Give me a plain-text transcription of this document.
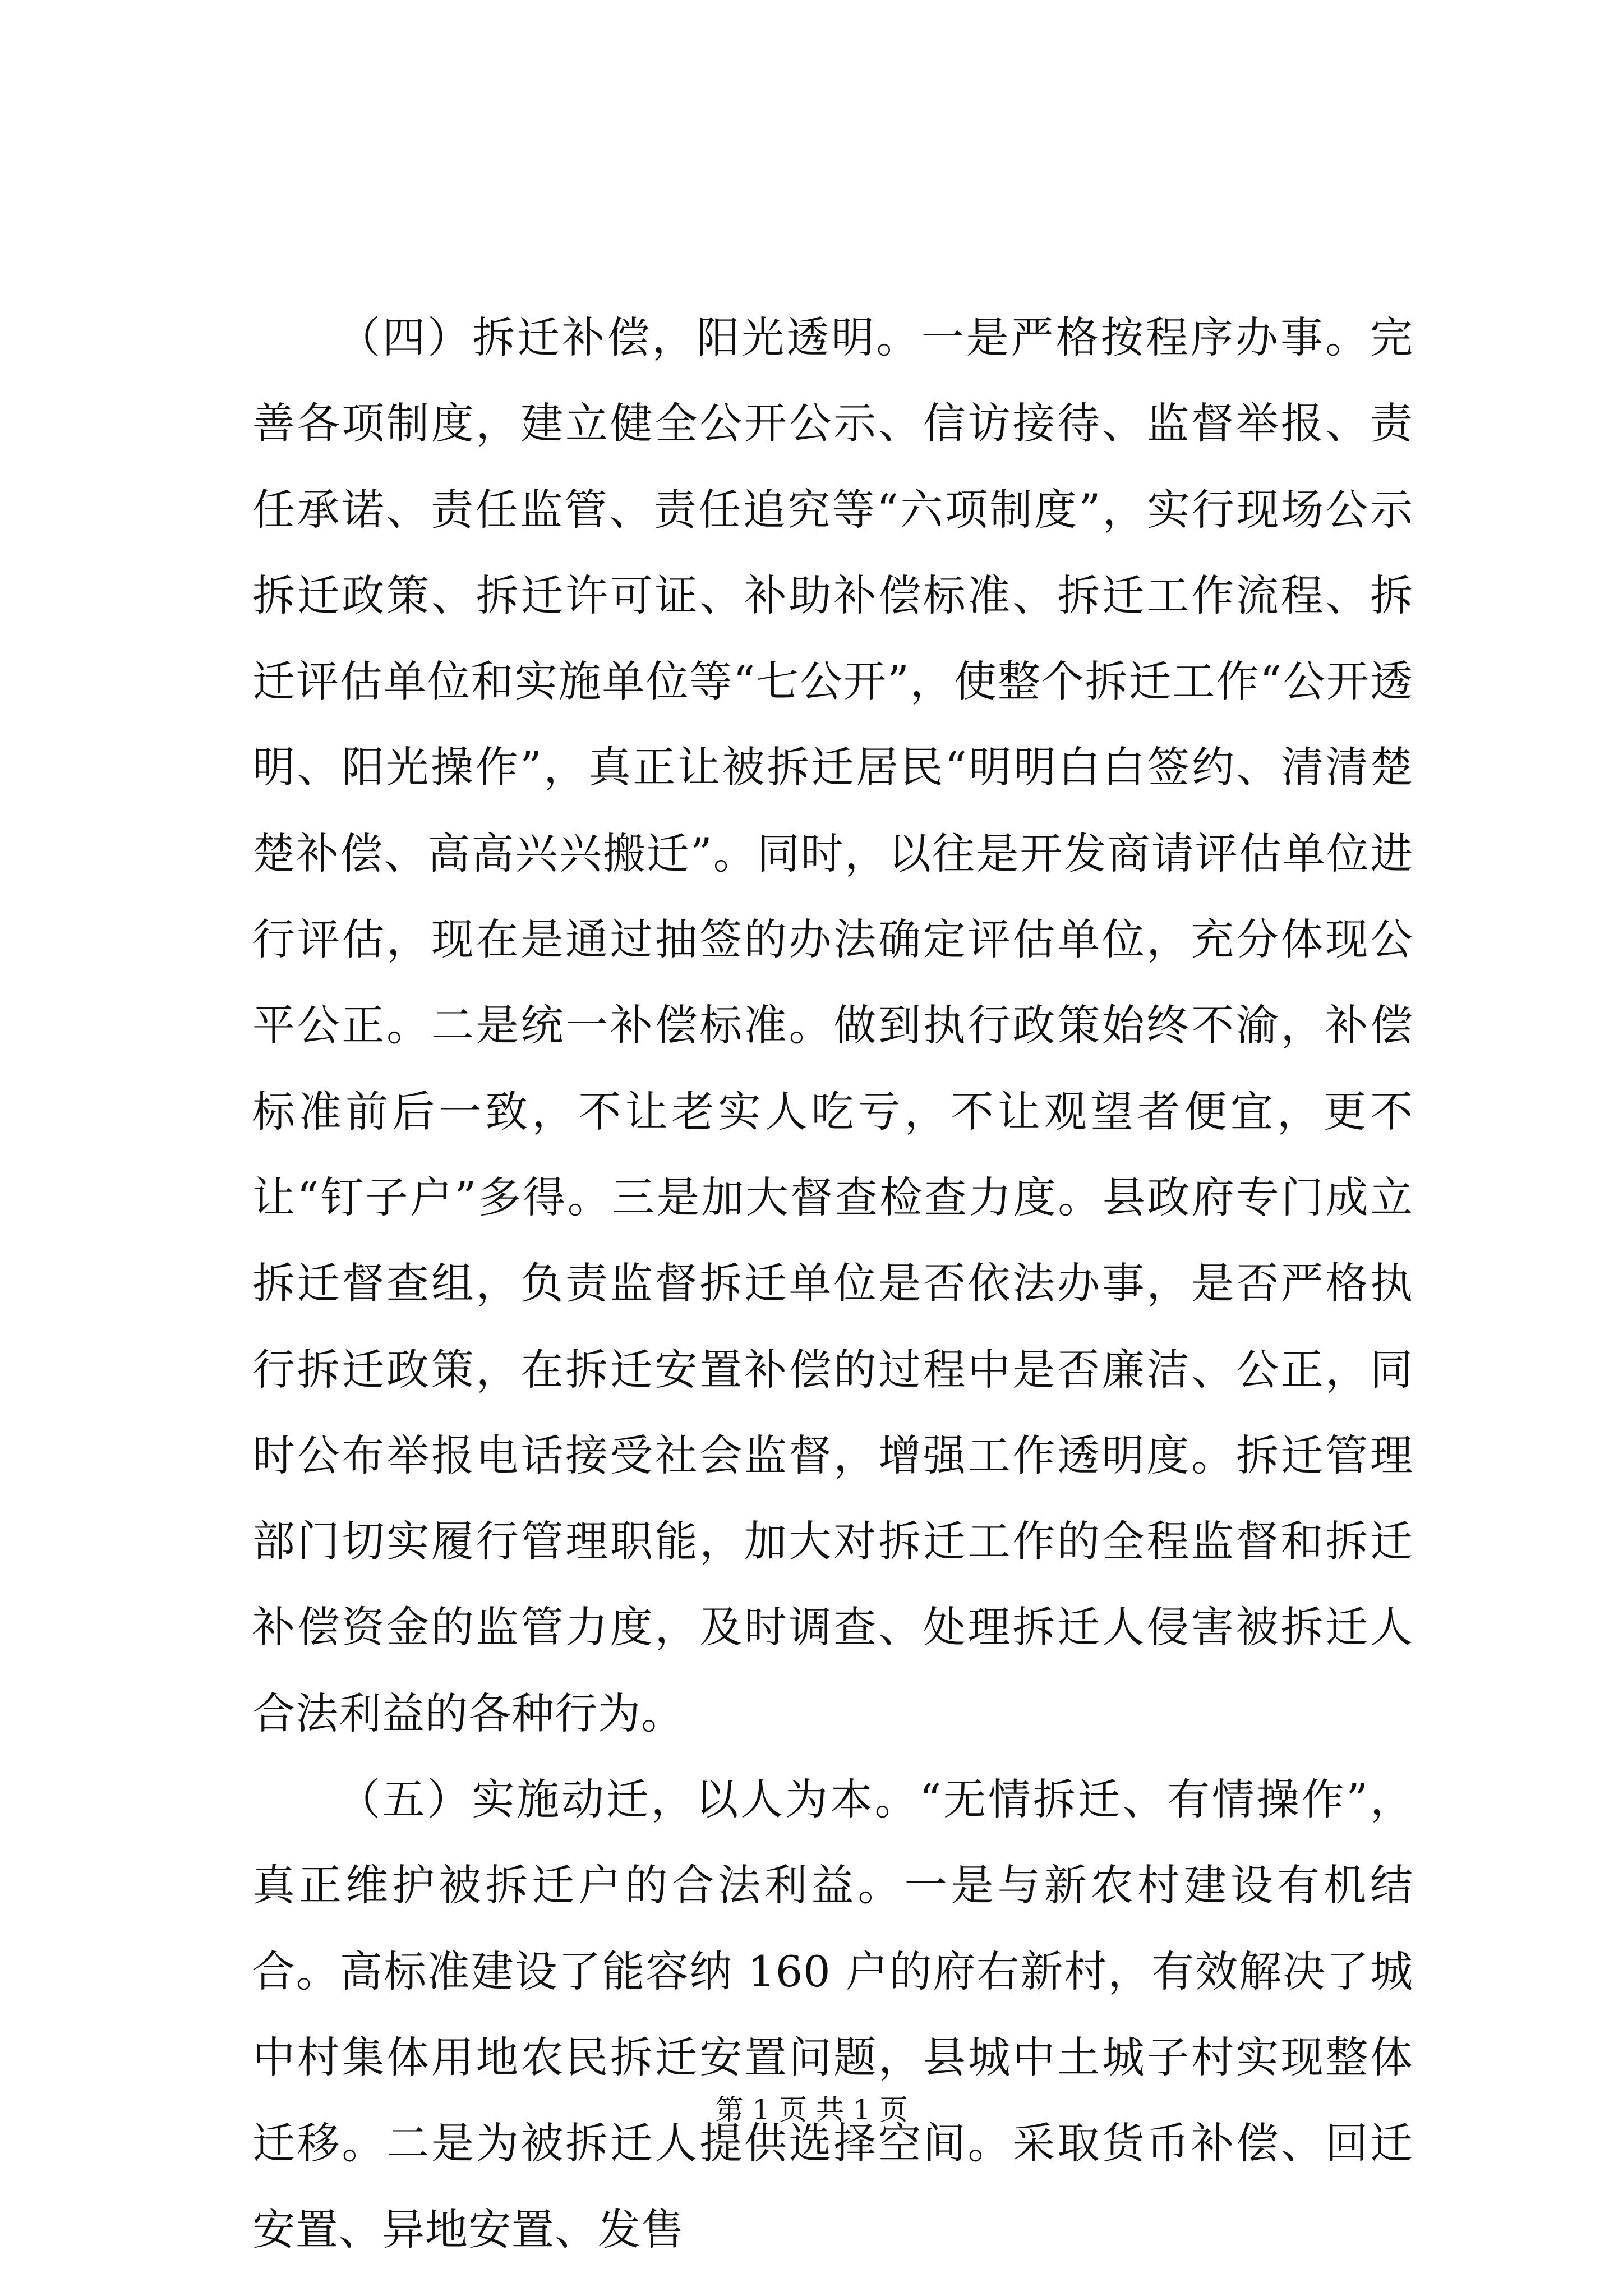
（四）拆迁补偿，阳光透明。一是严格按程序办事。完善各项制度，建立健全公开公示、信访接待、监督举报、责任承诺、责任监管、责任追究等“六项制度”，实行现场公示拆迁政策、拆迁许可证、补助补偿标准、拆迁工作流程、拆迁评估单位和实施单位等“七公开”，使整个拆迁工作“公开透明、阳光操作”，真正让被拆迁居民“明明白白签约、清清楚楚补偿、高高兴兴搬迁”。同时，以往是开发商请评估单位进行评估，现在是通过抽签的办法确定评估单位，充分体现公平公正。二是统一补偿标准。做到执行政策始终不渝，补偿标准前后一致，不让老实人吃亏，不让观望者便宜，更不让“钉子户”多得。三是加大督查检查力度。县政府专门成立拆迁督查组，负责监督拆迁单位是否依法办事，是否严格执行拆迁政策，在拆迁安置补偿的过程中是否廉洁、公正，同时公布举报电话接受社会监督，增强工作透明度。拆迁管理部门切实履行管理职能，加大对拆迁工作的全程监督和拆迁补偿资金的监管力度，及时调查、处理拆迁人侵害被拆迁人合法利益的各种行为。

（五）实施动迁，以人为本。“无情拆迁、有情操作”，真正维护被拆迁户的合法利益。一是与新农村建设有机结合。高标准建设了能容纳 160 户的府右新村，有效解决了城中村集体用地农民拆迁安置问题，县城中土城子村实现整体迁移。二是为被拆迁人提供选择空间。采取货币补偿、回迁安置、异地安置、发售

第 1 页 共 1 页
